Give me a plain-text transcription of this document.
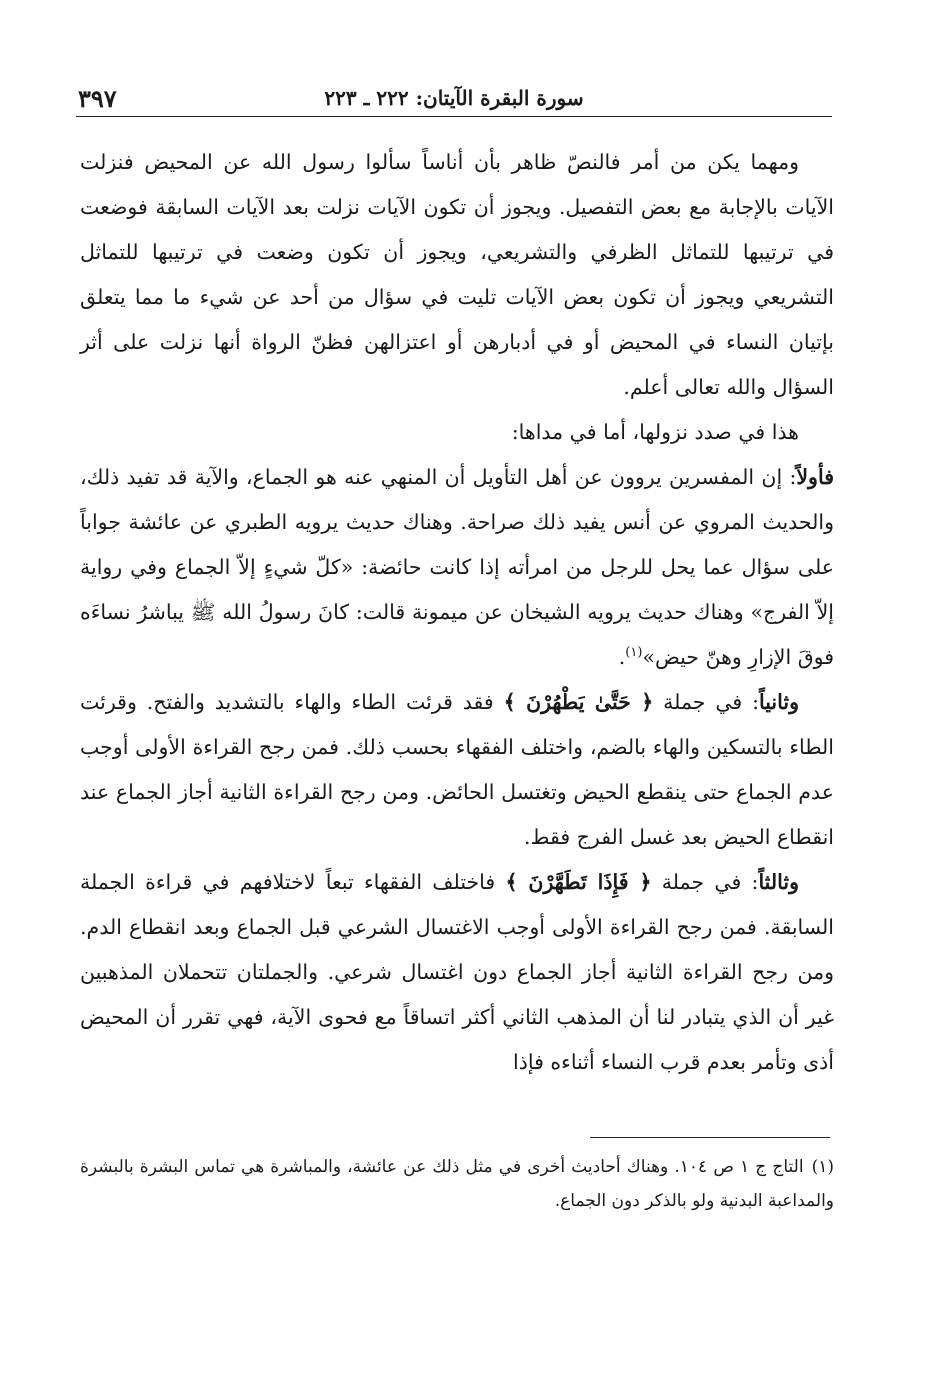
سورة البقرة الآيتان: ٢٢٢ ـ ٢٢٣
٣٩٧

ومهما يكن من أمر فالنصّ ظاهر بأن أناساً سألوا رسول الله عن المحيض فنزلت الآيات بالإجابة مع بعض التفصيل. ويجوز أن تكون الآيات نزلت بعد الآيات السابقة فوضعت في ترتيبها للتماثل الظرفي والتشريعي، ويجوز أن تكون وضعت في ترتيبها للتماثل التشريعي ويجوز أن تكون بعض الآيات تليت في سؤال من أحد عن شيء ما مما يتعلق بإتيان النساء في المحيض أو في أدبارهن أو اعتزالهن فظنّ الرواة أنها نزلت على أثر السؤال والله تعالى أعلم.

هذا في صدد نزولها، أما في مداها:

فأولاً: إن المفسرين يروون عن أهل التأويل أن المنهي عنه هو الجماع، والآية قد تفيد ذلك، والحديث المروي عن أنس يفيد ذلك صراحة. وهناك حديث يرويه الطبري عن عائشة جواباً على سؤال عما يحل للرجل من امرأته إذا كانت حائضة: «كلّ شيءٍ إلاّ الجماع وفي رواية إلاّ الفرج» وهناك حديث يرويه الشيخان عن ميمونة قالت: كانَ رسولُ الله ﷺ يباشرُ نساءَه فوقَ الإزارِ وهنّ حيض»$^{(١)}$.

وثانياً: في جملة ﴿ حَتَّىٰ يَطْهُرْنَ ﴾ فقد قرئت الطاء والهاء بالتشديد والفتح. وقرئت الطاء بالتسكين والهاء بالضم، واختلف الفقهاء بحسب ذلك. فمن رجح القراءة الأولى أوجب عدم الجماع حتى ينقطع الحيض وتغتسل الحائض. ومن رجح القراءة الثانية أجاز الجماع عند انقطاع الحيض بعد غسل الفرج فقط.

وثالثاً: في جملة ﴿ فَإِذَا تَطَهَّرْنَ ﴾ فاختلف الفقهاء تبعاً لاختلافهم في قراءة الجملة السابقة. فمن رجح القراءة الأولى أوجب الاغتسال الشرعي قبل الجماع وبعد انقطاع الدم. ومن رجح القراءة الثانية أجاز الجماع دون اغتسال شرعي. والجملتان تتحملان المذهبين غير أن الذي يتبادر لنا أن المذهب الثاني أكثر اتساقاً مع فحوى الآية، فهي تقرر أن المحيض أذى وتأمر بعدم قرب النساء أثناءه فإذا

(١)التاج ج ١ ص ١٠٤. وهناك أحاديث أخرى في مثل ذلك عن عائشة، والمباشرة هي تماس البشرة بالبشرة والمداعبة البدنية ولو بالذكر دون الجماع.
